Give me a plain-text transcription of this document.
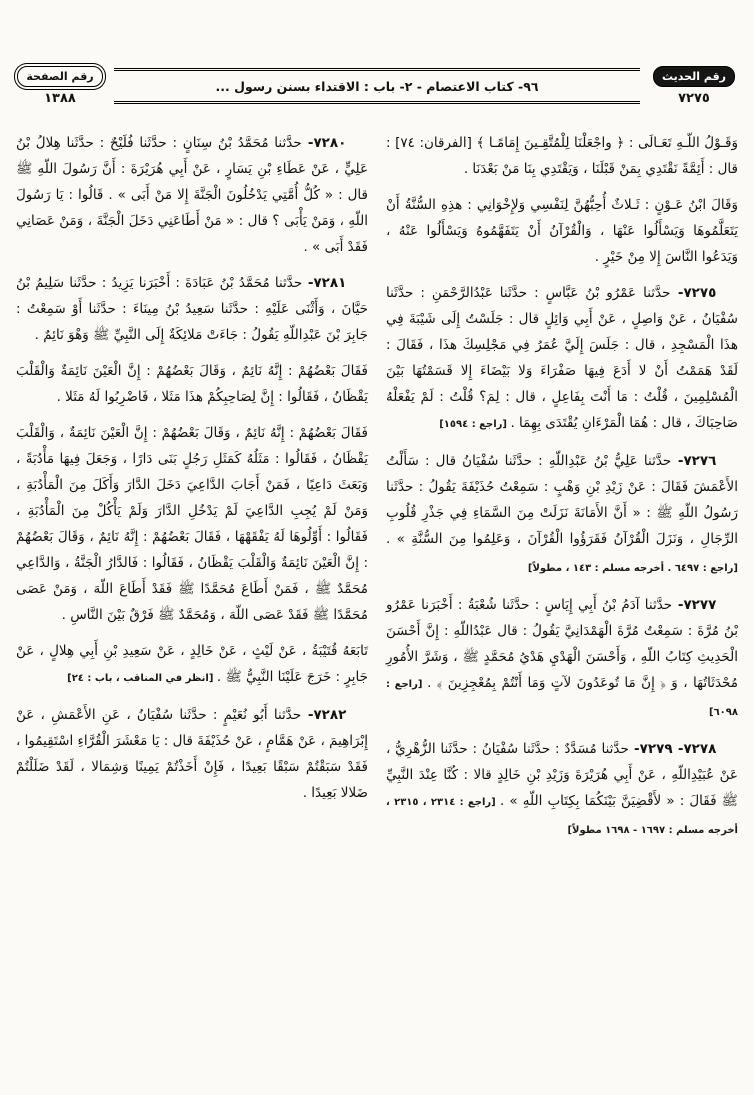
رقم الحديث
٧٢٧٥
٩٦- كتاب الاعتصام - ٢- باب : الاقتداء بسنن رسول ...
رقم الصفحة
١٣٨٨

وَقَـوْلُ اللّـهِ تَعَـالَى : ﴿ واجْعَلْنَا لِلْمُتَّقِـينَ إِمَامًـا ﴾ [الفرقان: ٧٤] : قال : أَئِمَّةً نَقْتَدِي بِمَنْ قَبْلَنَا ، وَيَقْتَدِي بِنَا مَنْ بَعْدَنَا .

وَقَالَ ابْنُ عَـوْنٍ : ثَـلاثٌ أُحِبُّهُنَّ لِنَفْسِي وَلإِخْوَانِي : هذِهِ السُّنَّةُ أَنْ يَتَعَلَّمُوهَا وَيَسْأَلُوا عَنْهَا ، وَالْقُرْآنُ أَنْ يَتَفَهَّمُوهُ وَيَسْأَلُوا عَنْهُ ، وَيَدَعُوا النَّاسَ إِلا مِنْ خَيْرٍ .

٧٢٧٥- حدَّثنا عَمْرُو بْنُ عَبَّاسٍ : حدَّثَنا عَبْدُالرَّحْمَنِ : حدَّثَنا سُفْيَانُ ، عَنْ وَاصِلٍ ، عَنْ أَبِي وَائِلٍ قال : جَلَسْتُ إِلَى شَيْبَةَ فِي هذَا الْمَسْجِدِ ، قال : جَلَسَ إِلَيَّ عُمَرُ فِي مَجْلِسِكَ هذَا ، فَقَالَ : لَقَدْ هَمَمْتُ أَنْ لا أَدَعَ فِيهَا صَفْرَاءَ وَلا بَيْضَاءَ إِلا قَسَمْتُهَا بَيْنَ الْمُسْلِمِينَ ، قُلْتُ : مَا أَنْتَ بِفَاعِلٍ ، قال : لِمَ؟ قُلْتُ : لَمْ يَفْعَلْهُ صَاحِبَاكَ ، قال : هُمَا الْمَرْءَانِ يُقْتَدَى بِهِمَا . [راجع : ١٥٩٤]

٧٢٧٦- حدَّثنا عَلِيُّ بْنُ عَبْدِاللّهِ : حدَّثَنا سُفْيَانُ قال : سَأَلْتُ الأَعْمَشَ فَقَالَ : عَنْ زَيْدِ بْنِ وَهْبٍ : سَمِعْتُ حُذَيْفَةَ يَقُولُ : حدَّثَنا رَسُولُ اللّهِ ﷺ : « أَنَّ الأَمَانَةَ نَزَلَتْ مِنَ السَّمَاءِ فِي جَذْرِ قُلُوبِ الرِّجَالِ ، وَنَزَلَ الْقُرْآنُ فَقَرَؤُوا الْقُرْآنَ ، وَعَلِمُوا مِنَ السُّنَّةِ » . [راجع : ٦٤٩٧ . أخرجه مسلم : ١٤٣ ، مطولاً]

٧٢٧٧- حدَّثنا آدَمُ بْنُ أَبِي إِيَاسٍ : حدَّثَنا شُعْبَةُ : أَخْبَرَنا عَمْرُو بْنُ مُرَّةَ : سَمِعْتُ مُرَّةَ الْهَمْدَانِيَّ يَقُولُ : قال عَبْدُاللّهِ : إِنَّ أَحْسَنَ الْحَدِيثِ كِتَابُ اللّهِ ، وَأَحْسَنَ الْهَدْيِ هَدْيُ مُحَمَّدٍ ﷺ ، وَشَرَّ الأُمُورِ مُحْدَثَاتُهَا ، وَ ﴿ إِنَّ مَا تُوعَدُونَ لآتٍ وَمَا أَنْتُمْ بِمُعْجِزِينَ ﴾ . [راجع : ٦٠٩٨]

٧٢٧٨- ٧٢٧٩- حدَّثنا مُسَدَّدٌ : حدَّثَنا سُفْيَانُ : حدَّثَنا الزُّهْرِيُّ ، عَنْ عُبَيْدِاللّهِ ، عَنْ أَبِي هُرَيْرَةَ وَزَيْدِ بْنِ خَالِدٍ قالا : كُنَّا عِنْدَ النَّبِيِّ ﷺ فَقَالَ : « لأَقْضِيَنَّ بَيْنَكُمَا بِكِتَابِ اللّهِ » . [راجع : ٢٣١٤ ، ٢٣١٥ ، أخرجه مسلم : ١٦٩٧ - ١٦٩٨ مطولاً]

٧٢٨٠- حدَّثنا مُحَمَّدُ بْنُ سِنَانٍ : حدَّثَنا فُلَيْحٌ : حدَّثَنا هِلالُ بْنُ عَلِيٍّ ، عَنْ عَطَاءِ بْنِ يَسَارٍ ، عَنْ أَبِي هُرَيْرَةَ : أَنَّ رَسُولَ اللّهِ ﷺ قال : « كُلُّ أُمَّتِي يَدْخُلُونَ الْجَنَّةَ إِلا مَنْ أَبَى » . قَالُوا : يَا رَسُولَ اللّهِ ، وَمَنْ يَأْبَى ؟ قال : « مَنْ أَطَاعَنِي دَخَلَ الْجَنَّةَ ، وَمَنْ عَصَانِي فَقَدْ أَبَى » .

٧٢٨١- حدَّثنا مُحَمَّدُ بْنُ عَبَادَةَ : أَخْبَرَنا يَزِيدُ : حدَّثَنا سَلِيمُ بْنُ حَيَّانَ ، وَأَثْنَى عَلَيْهِ : حدَّثَنا سَعِيدُ بْنُ مِينَاءَ : حدَّثَنا أَوْ سَمِعْتُ : جَابِرَ بْنَ عَبْدِاللّهِ يَقُولُ : جَاءَتْ مَلائِكَةٌ إِلَى النَّبِيِّ ﷺ وَهْوَ نَائِمٌ .

فَقَالَ بَعْضُهُمْ : إِنَّهُ نَائِمٌ ، وَقَالَ بَعْضُهُمْ : إِنَّ الْعَيْنَ نَائِمَةٌ وَالْقَلْبَ يَقْظَانُ ، فَقَالُوا : إِنَّ لِصَاحِبِكُمْ هذَا مَثَلا ، فَاضْرِبُوا لَهُ مَثَلا .

فَقَالَ بَعْضُهُمْ : إِنَّهُ نَائِمٌ ، وَقَالَ بَعْضُهُمْ : إِنَّ الْعَيْنَ نَائِمَةٌ ، وَالْقَلْبَ يَقْظَانُ ، فَقَالُوا : مَثَلُهُ كَمَثَلِ رَجُلٍ بَنَى دَارًا ، وَجَعَلَ فِيهَا مَأْدُبَةً ، وَبَعَثَ دَاعِيًا ، فَمَنْ أَجَابَ الدَّاعِيَ دَخَلَ الدَّارَ وَأَكَلَ مِنَ الْمَأْدُبَةِ ، وَمَنْ لَمْ يُجِبِ الدَّاعِيَ لَمْ يَدْخُلِ الدَّارَ وَلَمْ يَأْكُلْ مِنَ الْمَأْدُبَةِ ، فَقَالُوا : أَوِّلُوهَا لَهُ يَفْقَهْهَا ، فَقَالَ بَعْضُهُمْ : إِنَّهُ نَائِمٌ ، وَقَالَ بَعْضُهُمْ : إِنَّ الْعَيْنَ نَائِمَةٌ وَالْقَلْبَ يَقْظَانُ ، فَقَالُوا : فَالدَّارُ الْجَنَّةُ ، وَالدَّاعِي مُحَمَّدٌ ﷺ ، فَمَنْ أَطَاعَ مُحَمَّدًا ﷺ فَقَدْ أَطَاعَ اللّهَ ، وَمَنْ عَصَى مُحَمَّدًا ﷺ فَقَدْ عَصَى اللّهَ ، وَمُحَمَّدٌ ﷺ فَرْقٌ بَيْنَ النَّاسِ .

تَابَعَهُ قُتَيْبَةُ ، عَنْ لَيْثٍ ، عَنْ خَالِدٍ ، عَنْ سَعِيدِ بْنِ أَبِي هِلالٍ ، عَنْ جَابِرٍ : خَرَجَ عَلَيْنَا النَّبِيُّ ﷺ . [انظر في المناقب ، باب : ٢٤]

٧٢٨٢- حدَّثنا أَبُو نُعَيْمٍ : حدَّثَنا سُفْيَانُ ، عَنِ الأَعْمَشِ ، عَنْ إِبْرَاهِيمَ ، عَنْ هَمَّامٍ ، عَنْ حُذَيْفَةَ قال : يَا مَعْشَرَ الْقُرَّاءِ اسْتَقِيمُوا ، فَقَدْ سَبَقْتُمْ سَبْقًا بَعِيدًا ، فَإِنْ أَخَذْتُمْ يَمِينًا وَشِمَالا ، لَقَدْ ضَلَلْتُمْ ضَلالا بَعِيدًا .
